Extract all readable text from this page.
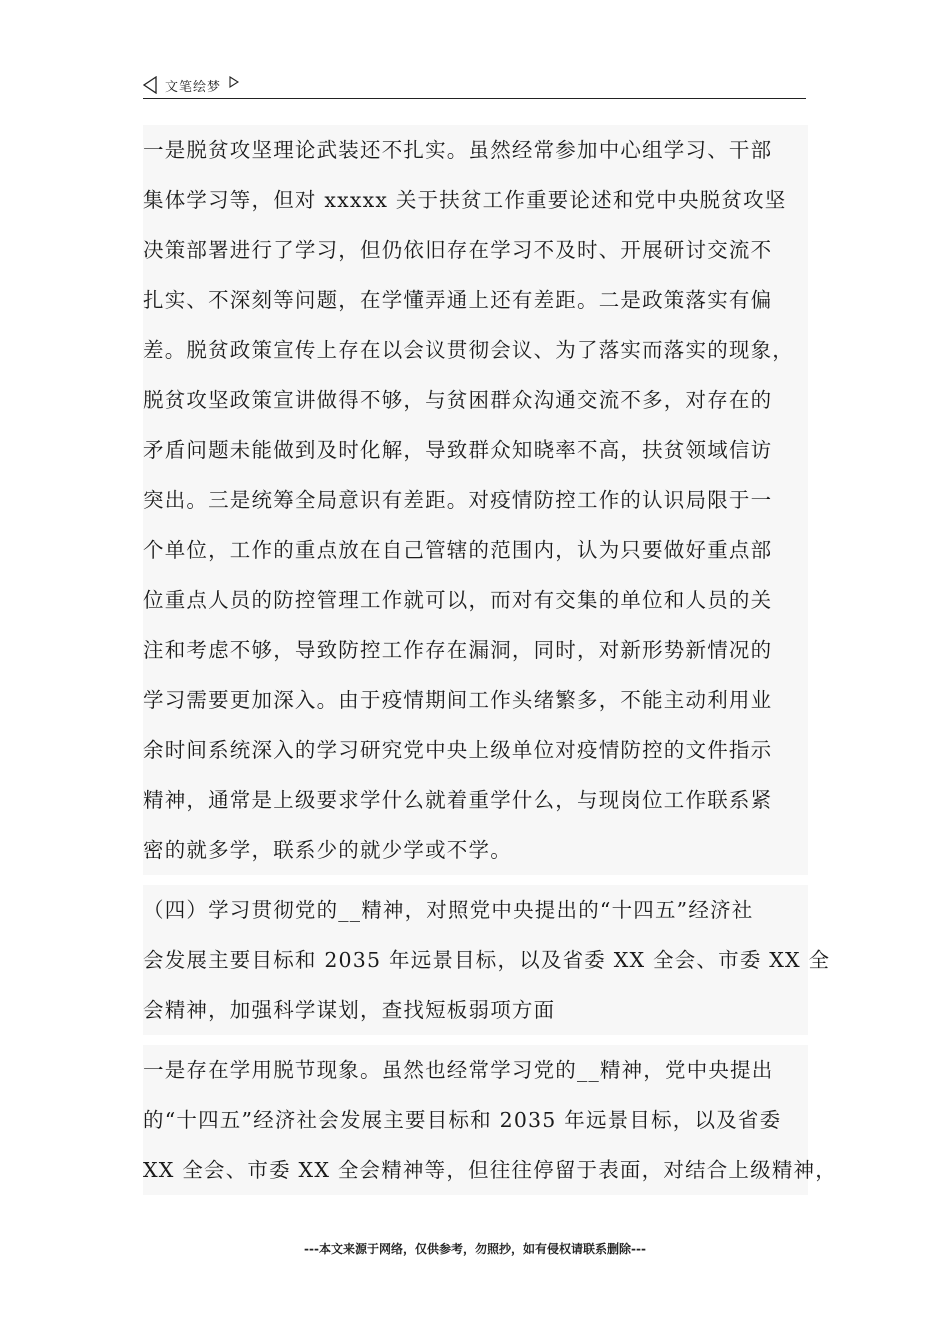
文笔绘梦
一是脱贫攻坚理论武装还不扎实。虽然经常参加中心组学习、干部
集体学习等，但对 xxxxx 关于扶贫工作重要论述和党中央脱贫攻坚
决策部署进行了学习，但仍依旧存在学习不及时、开展研讨交流不
扎实、不深刻等问题，在学懂弄通上还有差距。二是政策落实有偏
差。脱贫政策宣传上存在以会议贯彻会议、为了落实而落实的现象，
脱贫攻坚政策宣讲做得不够，与贫困群众沟通交流不多，对存在的
矛盾问题未能做到及时化解，导致群众知晓率不高，扶贫领域信访
突出。三是统筹全局意识有差距。对疫情防控工作的认识局限于一
个单位，工作的重点放在自己管辖的范围内，认为只要做好重点部
位重点人员的防控管理工作就可以，而对有交集的单位和人员的关
注和考虑不够，导致防控工作存在漏洞，同时，对新形势新情况的
学习需要更加深入。由于疫情期间工作头绪繁多，不能主动利用业
余时间系统深入的学习研究党中央上级单位对疫情防控的文件指示
精神，通常是上级要求学什么就着重学什么，与现岗位工作联系紧
密的就多学，联系少的就少学或不学。
（四）学习贯彻党的__精神，对照党中央提出的“十四五”经济社
会发展主要目标和 2035 年远景目标，以及省委 XX 全会、市委 XX 全
会精神，加强科学谋划，查找短板弱项方面
一是存在学用脱节现象。虽然也经常学习党的__精神，党中央提出
的“十四五”经济社会发展主要目标和 2035 年远景目标，以及省委
XX 全会、市委 XX 全会精神等，但往往停留于表面，对结合上级精神，
---本文来源于网络，仅供参考，勿照抄，如有侵权请联系删除---
